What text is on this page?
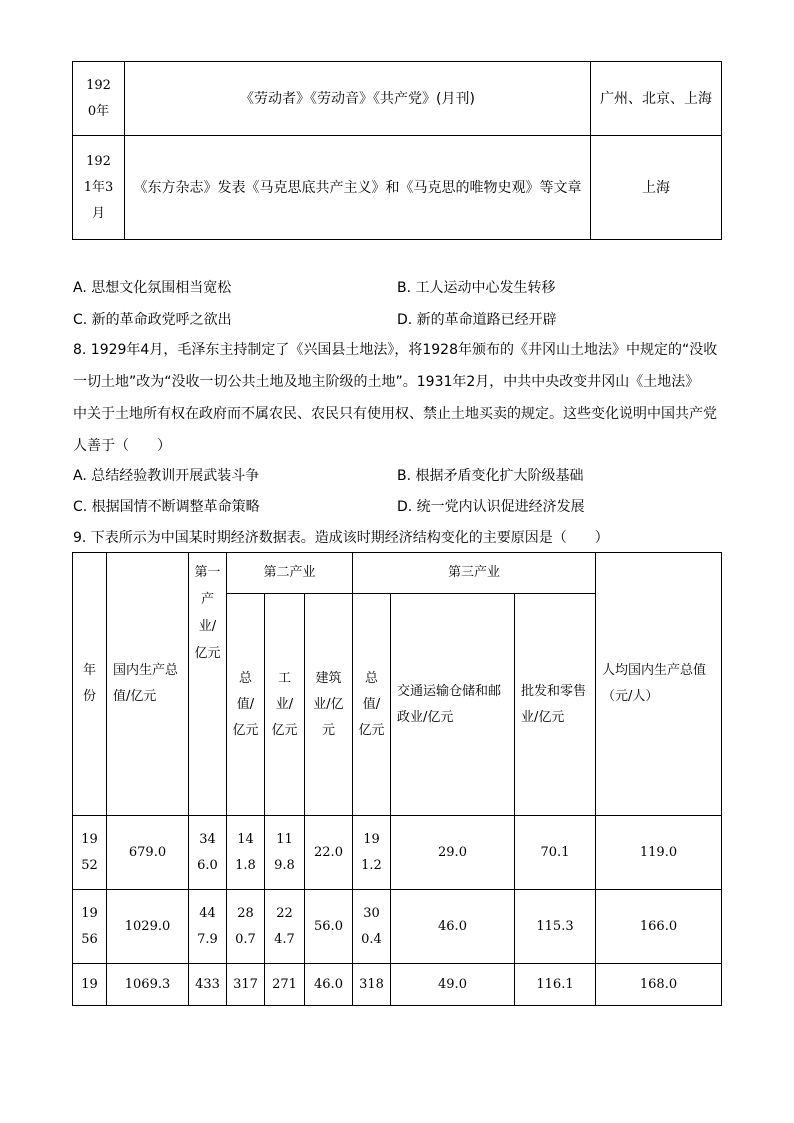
1920年	《劳动者》《劳动音》《共产党》(月刊)	广州、北京、上海
1921年3月	《东方杂志》发表《马克思底共产主义》和《马克思的唯物史观》等文章	上海
A. 思想文化氛围相当宽松	B. 工人运动中心发生转移
C. 新的革命政党呼之欲出	D. 新的革命道路已经开辟
8. 1929年4月，毛泽东主持制定了《兴国县土地法》，将1928年颁布的《井冈山土地法》中规定的“没收
一切土地”改为“没收一切公共土地及地主阶级的土地”。1931年2月，中共中央改变井冈山《土地法》
中关于土地所有权在政府而不属农民、农民只有使用权、禁止土地买卖的规定。这些变化说明中国共产党
人善于（　　）
A. 总结经验教训开展武装斗争	B. 根据矛盾变化扩大阶级基础
C. 根据国情不断调整革命策略	D. 统一党内认识促进经济发展
9. 下表所示为中国某时期经济数据表。造成该时期经济结构变化的主要原因是（　　）
年份	国内生产总值/亿元	第一产业/亿元	第二产业			第三产业			人均国内生产总值（元/人）
			总值/亿元	工业/亿元	建筑业/亿元	总值/亿元	交通运输仓储和邮政业/亿元	批发和零售业/亿元	
1952	679.0	346.0	141.8	119.8	22.0	191.2	29.0	70.1	119.0
1956	1029.0	447.9	280.7	224.7	56.0	300.4	46.0	115.3	166.0
19	1069.3	433	317	271	46.0	318	49.0	116.1	168.0
